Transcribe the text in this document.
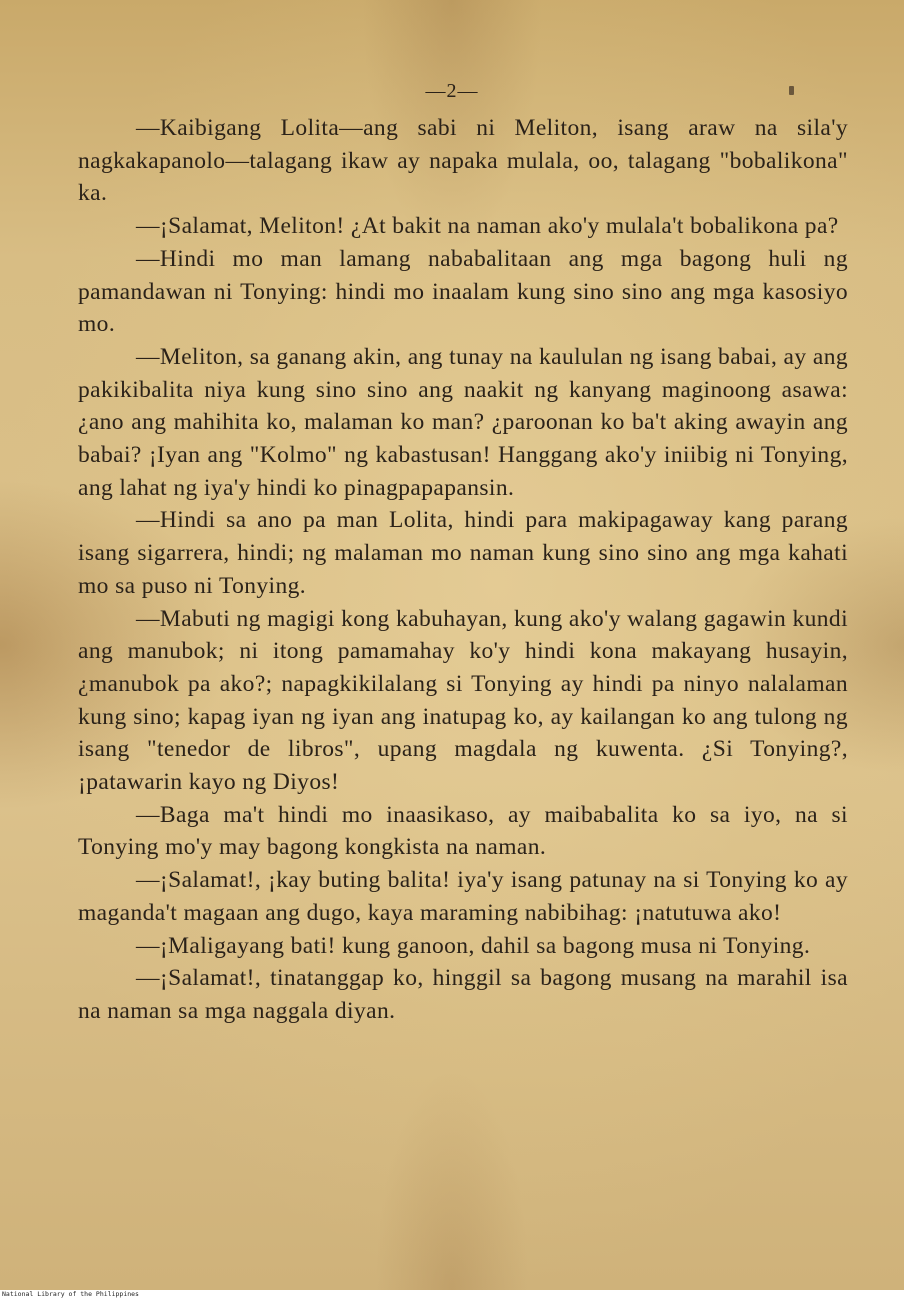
—2—

—Kaibigang Lolita—ang sabi ni Meliton, isang araw na sila'y nagkakapanolo—talagang ikaw ay napaka mulala, oo, talagang "bobalikona" ka.

—¡Salamat, Meliton! ¿At bakit na naman ako'y mulala't bobalikona pa?

—Hindi mo man lamang nababalitaan ang mga bagong huli ng pamandawan ni Tonying: hindi mo inaalam kung sino sino ang mga kasosiyo mo.

—Meliton, sa ganang akin, ang tunay na kaululan ng isang babai, ay ang pakikibalita niya kung sino sino ang naakit ng kanyang maginoong asawa: ¿ano ang mahihita ko, malaman ko man? ¿paroonan ko ba't aking awayin ang babai? ¡Iyan ang "Kolmo" ng kabastusan! Hanggang ako'y iniibig ni Tonying, ang lahat ng iya'y hindi ko pinagpapapansin.

—Hindi sa ano pa man Lolita, hindi para makipagaway kang parang isang sigarrera, hindi; ng malaman mo naman kung sino sino ang mga kahati mo sa puso ni Tonying.

—Mabuti ng magigi kong kabuhayan, kung ako'y walang gagawin kundi ang manubok; ni itong pamamahay ko'y hindi kona makayang husayin, ¿manubok pa ako?; napagkikilalang si Tonying ay hindi pa ninyo nalalaman kung sino; kapag iyan ng iyan ang inatupag ko, ay kailangan ko ang tulong ng isang "tenedor de libros", upang magdala ng kuwenta. ¿Si Tonying?, ¡patawarin kayo ng Diyos!

—Baga ma't hindi mo inaasikaso, ay maibabalita ko sa iyo, na si Tonying mo'y may bagong kongkista na naman.

—¡Salamat!, ¡kay buting balita! iya'y isang patunay na si Tonying ko ay maganda't magaan ang dugo, kaya maraming nabibihag: ¡natutuwa ako!

—¡Maligayang bati! kung ganoon, dahil sa bagong musa ni Tonying.

—¡Salamat!, tinatanggap ko, hinggil sa bagong musang na marahil isa na naman sa mga naggala diyan.

National Library of the Philippines
